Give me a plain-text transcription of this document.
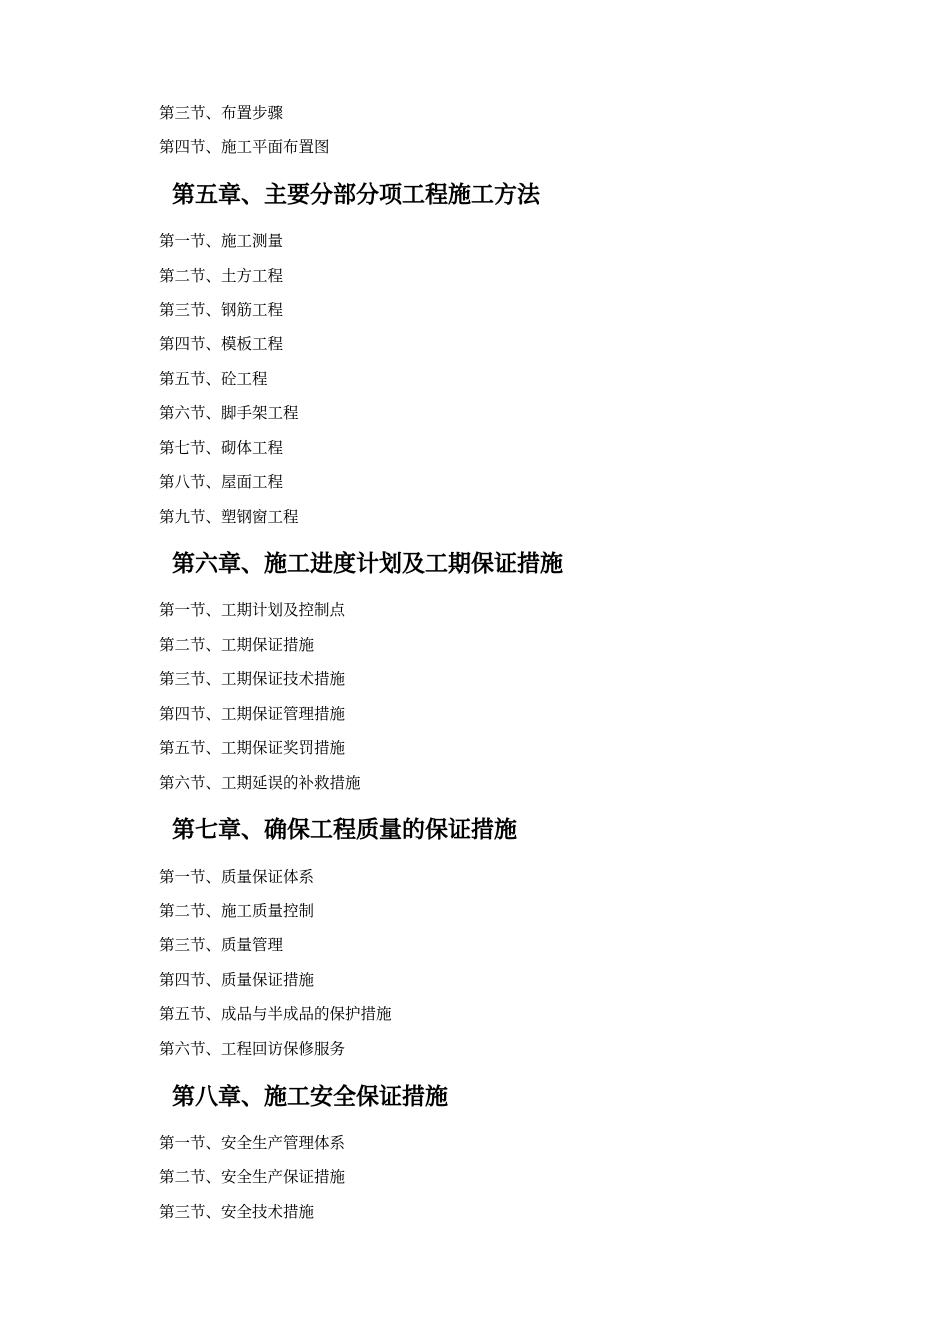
第三节、布置步骤
第四节、施工平面布置图
第五章、主要分部分项工程施工方法
第一节、施工测量
第二节、土方工程
第三节、钢筋工程
第四节、模板工程
第五节、砼工程
第六节、脚手架工程
第七节、砌体工程
第八节、屋面工程
第九节、塑钢窗工程
第六章、施工进度计划及工期保证措施
第一节、工期计划及控制点
第二节、工期保证措施
第三节、工期保证技术措施
第四节、工期保证管理措施
第五节、工期保证奖罚措施
第六节、工期延误的补救措施
第七章、确保工程质量的保证措施
第一节、质量保证体系
第二节、施工质量控制
第三节、质量管理
第四节、质量保证措施
第五节、成品与半成品的保护措施
第六节、工程回访保修服务
第八章、施工安全保证措施
第一节、安全生产管理体系
第二节、安全生产保证措施
第三节、安全技术措施
